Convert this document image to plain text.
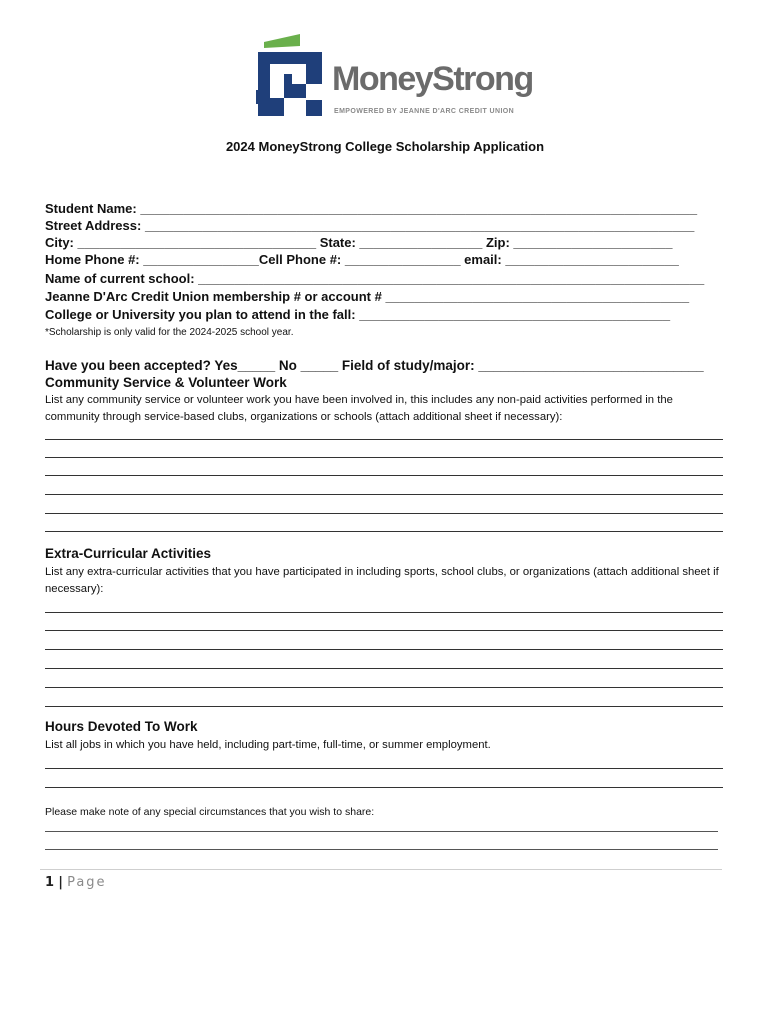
MoneyStrong
EMPOWERED BY JEANNE D'ARC CREDIT UNION
2024 MoneyStrong College Scholarship Application
Student Name: _____________________________________________________________________________
Street Address: ____________________________________________________________________________
City: _________________________________ State: _________________ Zip: ______________________
Home Phone #: ________________Cell Phone #: ________________ email: ________________________
Name of current school: ______________________________________________________________________
Jeanne D'Arc Credit Union membership # or account # __________________________________________
College or University you plan to attend in the fall: ___________________________________________
*Scholarship is only valid for the 2024-2025 school year.
Have you been accepted? Yes_____ No _____ Field of study/major: ______________________________
Community Service & Volunteer Work
List any community service or volunteer work you have been involved in, this includes any non-paid activities performed in the community through service-based clubs, organizations or schools (attach additional sheet if necessary):
Extra-Curricular Activities
List any extra-curricular activities that you have participated in including sports, school clubs, or organizations (attach additional sheet if necessary):
Hours Devoted To Work
List all jobs in which you have held, including part-time, full-time, or summer employment.
Please make note of any special circumstances that you wish to share:
1 | Page
